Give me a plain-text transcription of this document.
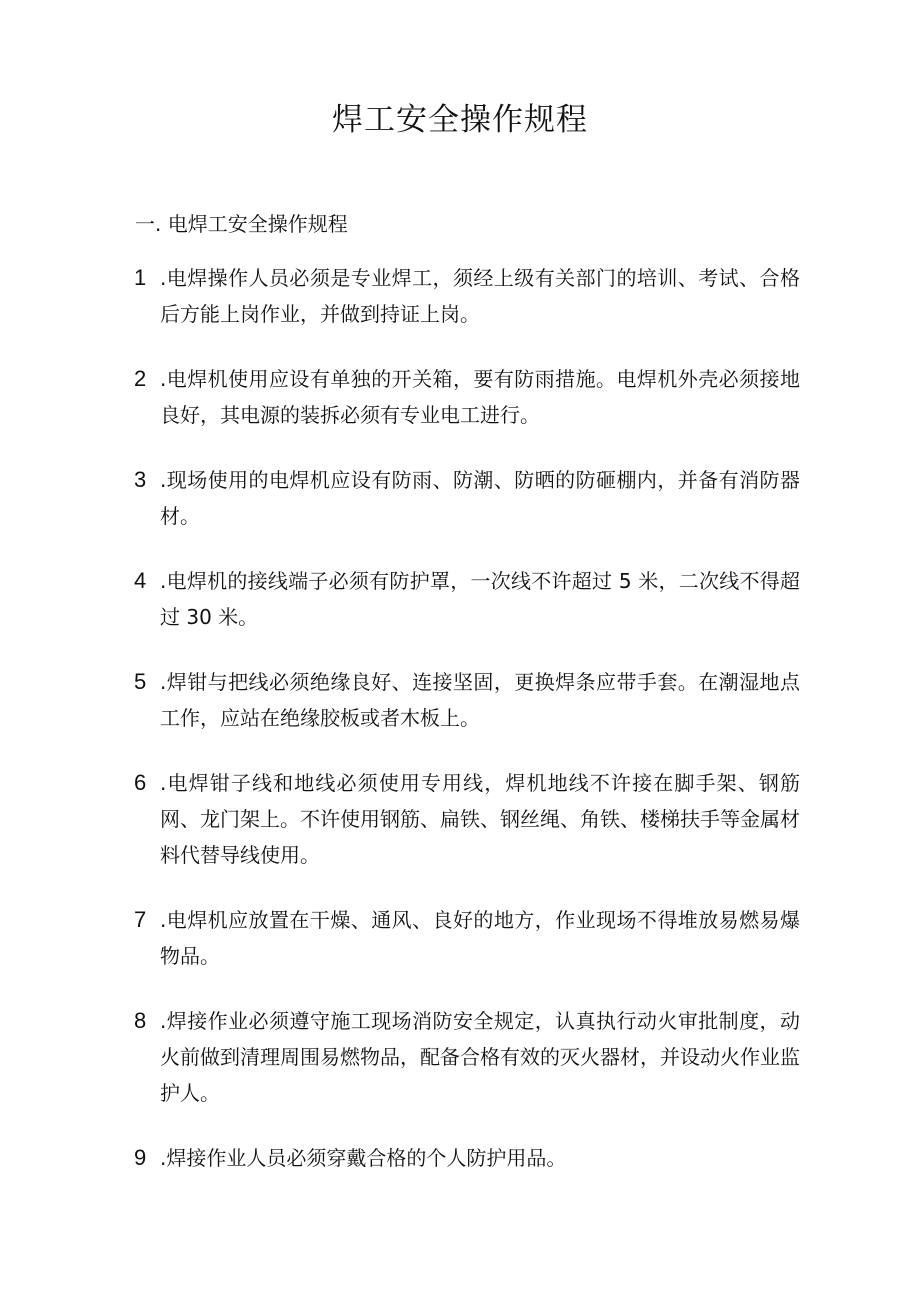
焊工安全操作规程
一. 电焊工安全操作规程
1 .电焊操作人员必须是专业焊工，须经上级有关部门的培训、考试、合格后方能上岗作业，并做到持证上岗。
2 .电焊机使用应设有单独的开关箱，要有防雨措施。电焊机外壳必须接地良好，其电源的装拆必须有专业电工进行。
3 .现场使用的电焊机应设有防雨、防潮、防晒的防砸棚内，并备有消防器材。
4 .电焊机的接线端子必须有防护罩，一次线不许超过 5 米，二次线不得超过 30 米。
5 .焊钳与把线必须绝缘良好、连接坚固，更换焊条应带手套。在潮湿地点工作，应站在绝缘胶板或者木板上。
6 .电焊钳子线和地线必须使用专用线，焊机地线不许接在脚手架、钢筋网、龙门架上。不许使用钢筋、扁铁、钢丝绳、角铁、楼梯扶手等金属材料代替导线使用。
7 .电焊机应放置在干燥、通风、良好的地方，作业现场不得堆放易燃易爆物品。
8 .焊接作业必须遵守施工现场消防安全规定，认真执行动火审批制度，动火前做到清理周围易燃物品，配备合格有效的灭火器材，并设动火作业监护人。
9 .焊接作业人员必须穿戴合格的个人防护用品。
